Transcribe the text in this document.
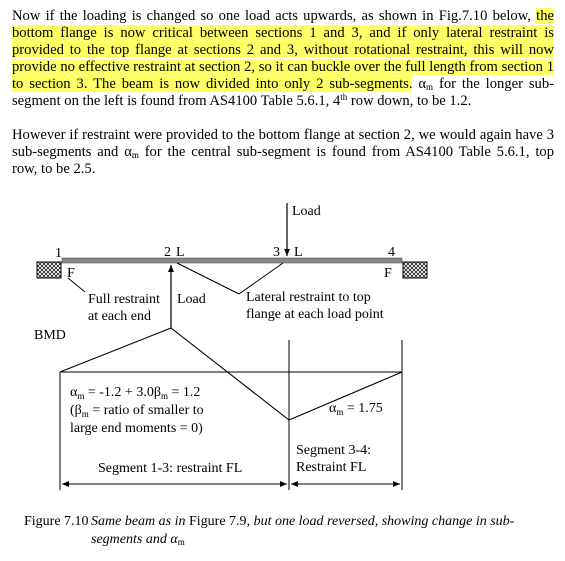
Now if the loading is changed so one load acts upwards, as shown in Fig.7.10 below, the bottom flange is now critical between sections 1 and 3, and if only lateral restraint is provided to the top flange at sections 2 and 3, without rotational restraint, this will now provide no effective restraint at section 2, so it can buckle over the full length from section 1 to section 3. The beam is now divided into only 2 sub-segments. $\alpha_m$ for the longer sub-segment on the left is found from AS4100 Table 5.6.1, 4th row down, to be 1.2.
However if restraint were provided to the bottom flange at section 2, we would again have 3 sub-segments and $\alpha_m$ for the central sub-segment is found from AS4100 Table 5.6.1, top row, to be 2.5.
1	2 L	3 L	4
F	F
Load
Load
Full restraint
at each end
Lateral restraint to top
flange at each load point
BMD
$\alpha_m = -1.2 + 3.0\beta_m = 1.2$
($\beta_m$ = ratio of smaller to
large end moments = 0)
$\alpha_m = 1.75$
Segment 3-4:
Restraint FL
Segment 1-3: restraint FL
Figure 7.10 Same beam as in Figure 7.9, but one load reversed, showing change in sub-segments and $\alpha_m$
